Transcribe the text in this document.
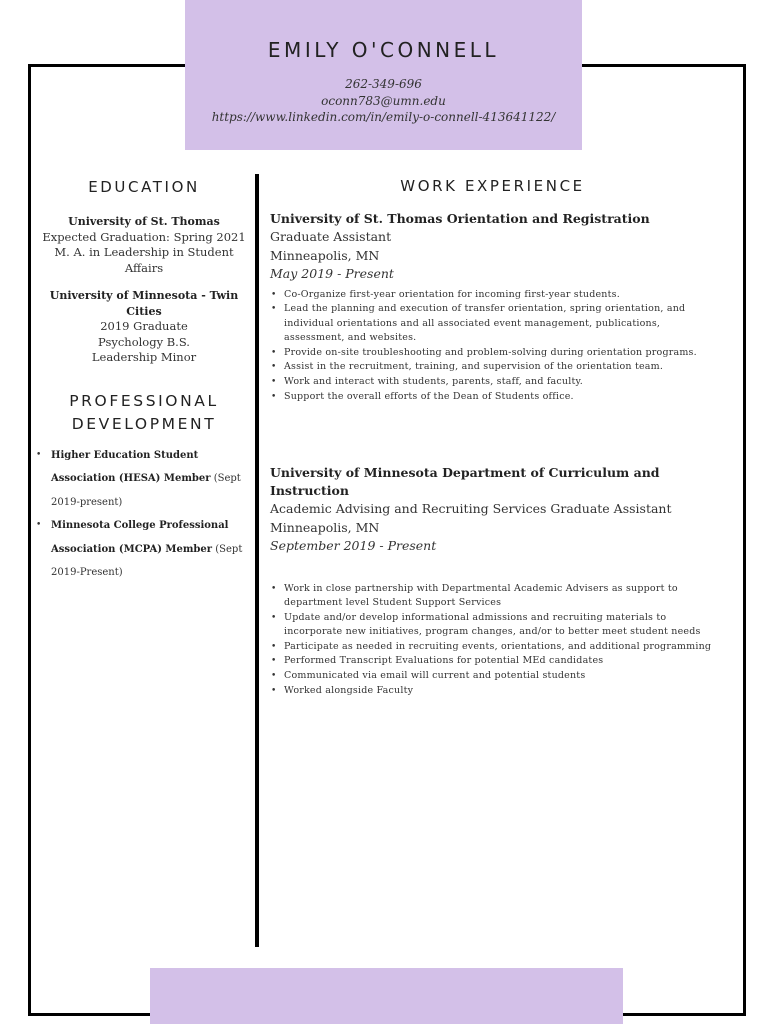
EMILY O'CONNELL
262-349-696
oconn783@umn.edu
https://www.linkedin.com/in/emily-o-connell-413641122/
EDUCATION
University of St. Thomas
Expected Graduation: Spring 2021
M. A. in Leadership in Student Affairs
University of Minnesota - Twin Cities
2019 Graduate
Psychology B.S.
Leadership Minor
PROFESSIONAL
DEVELOPMENT
• Higher Education Student
Association (HESA) Member (Sept
2019-present)
• Minnesota College Professional
Association (MCPA) Member (Sept
2019-Present)
WORK EXPERIENCE
University of St. Thomas Orientation and Registration
Graduate Assistant
Minneapolis, MN
May 2019 - Present
• Co-Organize first-year orientation for incoming first-year students.
• Lead the planning and execution of transfer orientation, spring orientation, and individual orientations and all associated event management, publications, assessment, and websites.
• Provide on-site troubleshooting and problem-solving during orientation programs.
• Assist in the recruitment, training, and supervision of the orientation team.
• Work and interact with students, parents, staff, and faculty.
• Support the overall efforts of the Dean of Students office.
University of Minnesota Department of Curriculum and Instruction
Academic Advising and Recruiting Services Graduate Assistant
Minneapolis, MN
September 2019 - Present
• Work in close partnership with Departmental Academic Advisers as support to department level Student Support Services
• Update and/or develop informational admissions and recruiting materials to incorporate new initiatives, program changes, and/or to better meet student needs
• Participate as needed in recruiting events, orientations, and additional programming
• Performed Transcript Evaluations for potential MEd candidates
• Communicated via email will current and potential students
• Worked alongside Faculty
